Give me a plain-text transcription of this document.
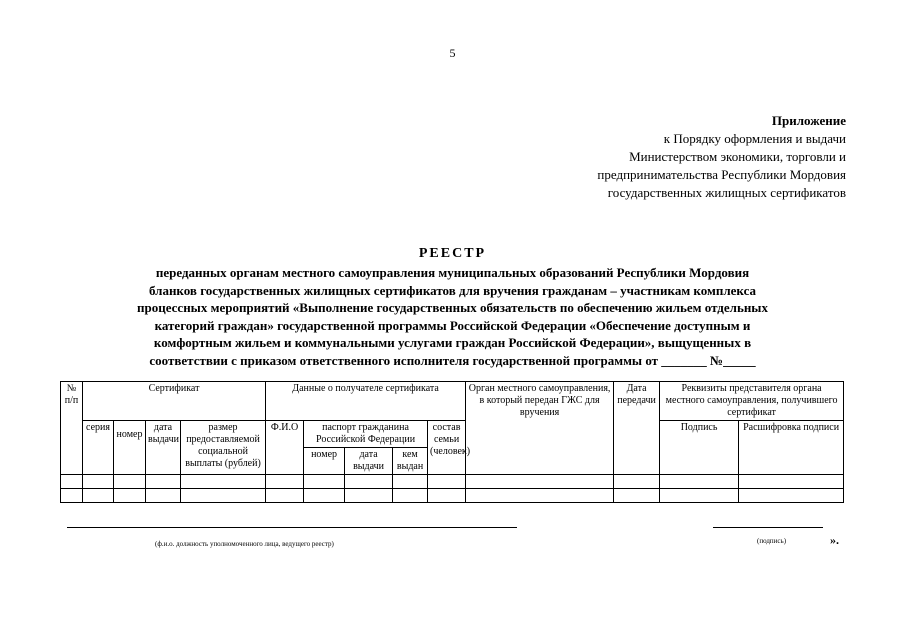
5
Приложение
к Порядку оформления и выдачи
Министерством экономики, торговли и
предпринимательства Республики Мордовия
государственных жилищных сертификатов
РЕЕСТР
переданных органам местного самоуправления муниципальных образований Республики Мордовия
бланков государственных жилищных сертификатов для вручения гражданам – участникам комплекса
процессных мероприятий «Выполнение государственных обязательств по обеспечению жильем отдельных
категорий граждан» государственной программы Российской Федерации «Обеспечение доступным и
комфортным жильем и коммунальными услугами граждан Российской Федерации», выщущенных в
соответствии с приказом ответственного исполнителя государственной программы от _______ №_____
№ п/п	Сертификат				Данные о получателе сертификата					Орган местного самоуправления, в который передан ГЖС для вручения	Дата передачи	Реквизиты представителя органа местного самоуправления, получившего сертификат	
	серия	номер	дата выдачи	размер предоставляемой социальной выплаты (рублей)	Ф.И.О	паспорт гражданина Российской Федерации			состав семьи (человек)			Подпись	Расшифровка подписи
						номер	дата выдачи	кем выдан					

(ф.и.о. должность уполномоченного лица, ведущего реестр)	(подпись)	».
